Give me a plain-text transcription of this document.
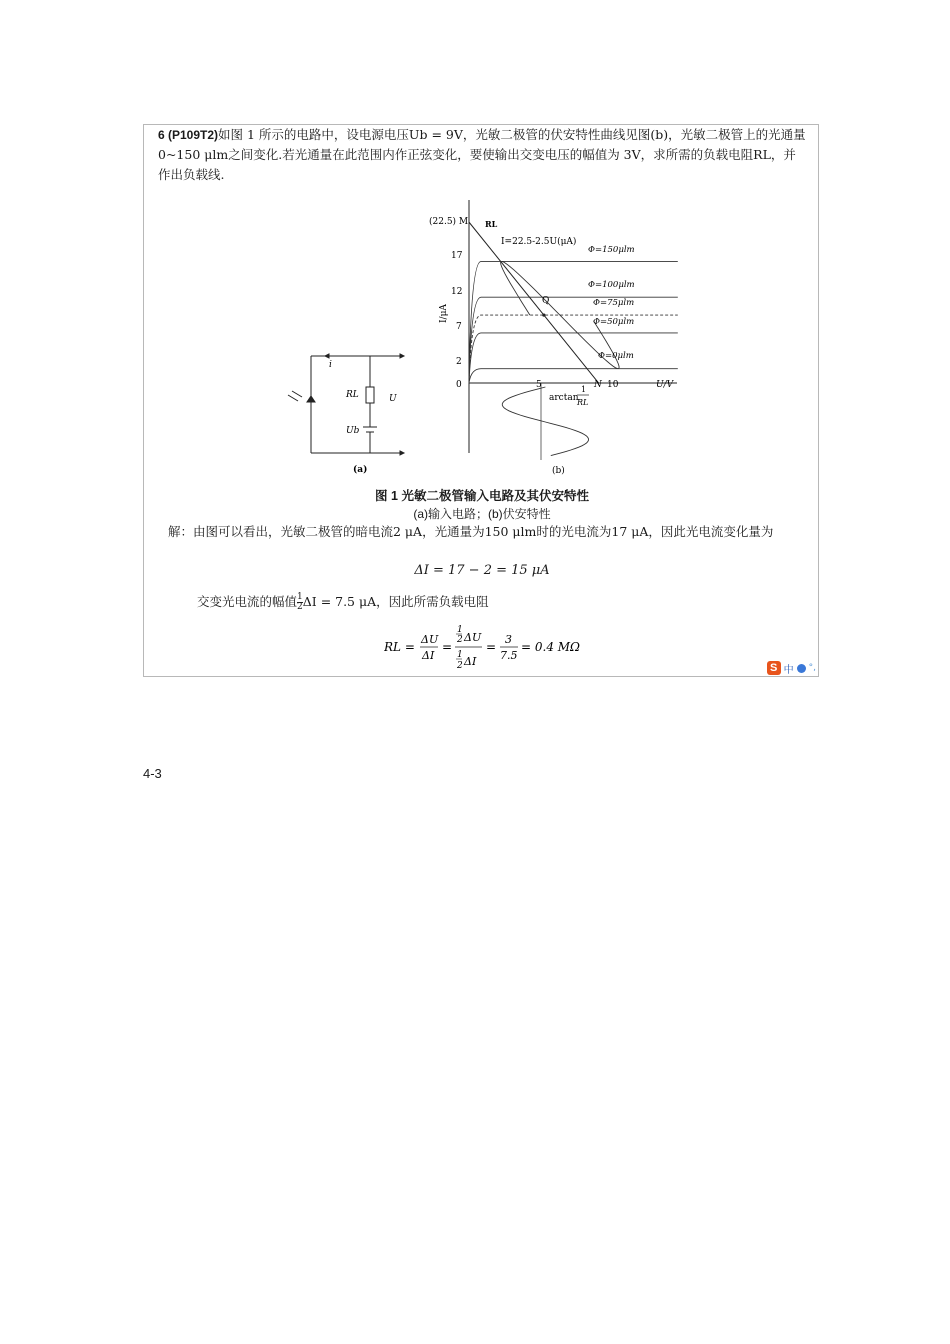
6 (P109T2)如图 1 所示的电路中，设电源电压Ub = 9V，光敏二极管的伏安特性曲线见图(b)，光敏二极管上的光通量0~150 μlm之间变化.若光通量在此范围内作正弦变化，要使输出交变电压的幅值为 3V，求所需的负载电阻RL，并作出负载线.
i
RL	U
Ub
(a)
I/μA
U/V
(22.5) M RL
I=22.5-2.5U(μA)
Q
N
arctan
1
RL
(b)
17
12
7
2
0	5	10
Φ=150μlm
Φ=100μlm
Φ=75μlm
Φ=50μlm
Φ=0μlm
图 1 光敏二极管输入电路及其伏安特性
(a)输入电路；(b)伏安特性
解：由图可以看出，光敏二极管的暗电流2 μA，光通量为150 μlm时的光电流为17 μA，因此光电流变化量为
ΔI = 17 − 2 = 15 μA
交变光电流的幅值 $\frac{1}{2}$ ΔI = 7.5 μA，因此所需负载电阻
RL =
ΔU
ΔI
=
1
2 ΔU
1
2 ΔI
=
3
7.5
= 0.4 MΩ
S 中 °,
4-3
